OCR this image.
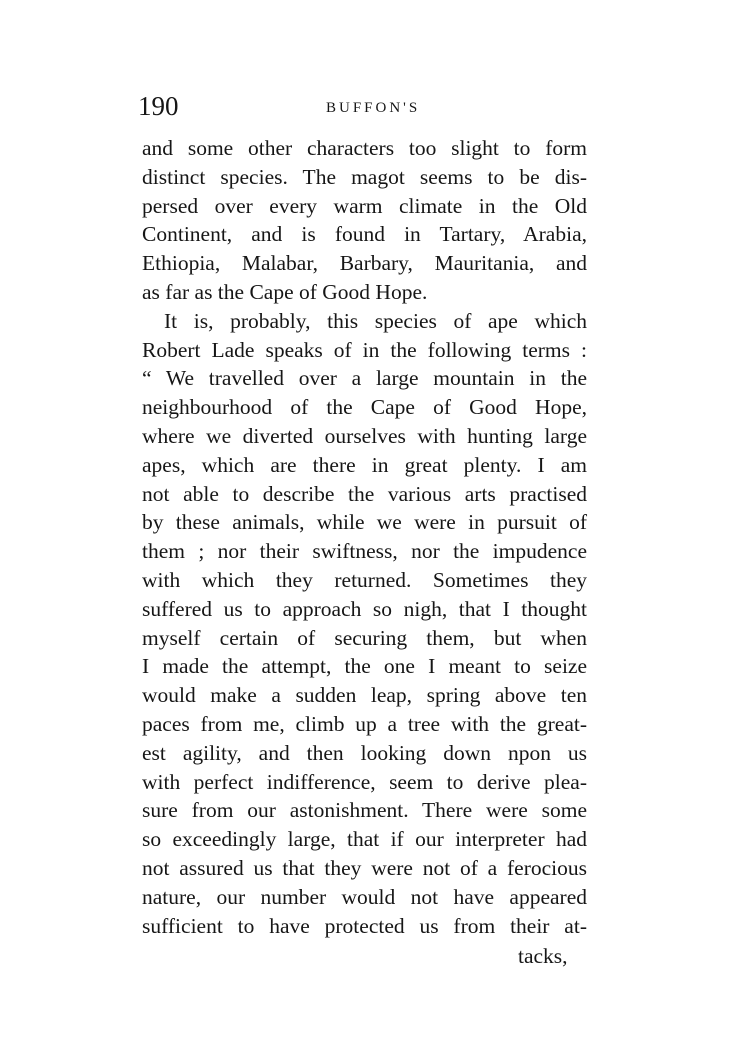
190	BUFFON'S
and some other characters too slight to form
distinct species. The magot seems to be dis-
persed over every warm climate in the Old
Continent, and is found in Tartary, Arabia,
Ethiopia, Malabar, Barbary, Mauritania, and
as far as the Cape of Good Hope.
It is, probably, this species of ape which
Robert Lade speaks of in the following terms :
“ We travelled over a large mountain in the
neighbourhood of the Cape of Good Hope,
where we diverted ourselves with hunting large
apes, which are there in great plenty. I am
not able to describe the various arts practised
by these animals, while we were in pursuit of
them ; nor their swiftness, nor the impudence
with which they returned. Sometimes they
suffered us to approach so nigh, that I thought
myself certain of securing them, but when
I made the attempt, the one I meant to seize
would make a sudden leap, spring above ten
paces from me, climb up a tree with the great-
est agility, and then looking down npon us
with perfect indifference, seem to derive plea-
sure from our astonishment. There were some
so exceedingly large, that if our interpreter had
not assured us that they were not of a ferocious
nature, our number would not have appeared
sufficient to have protected us from their at-
tacks,
